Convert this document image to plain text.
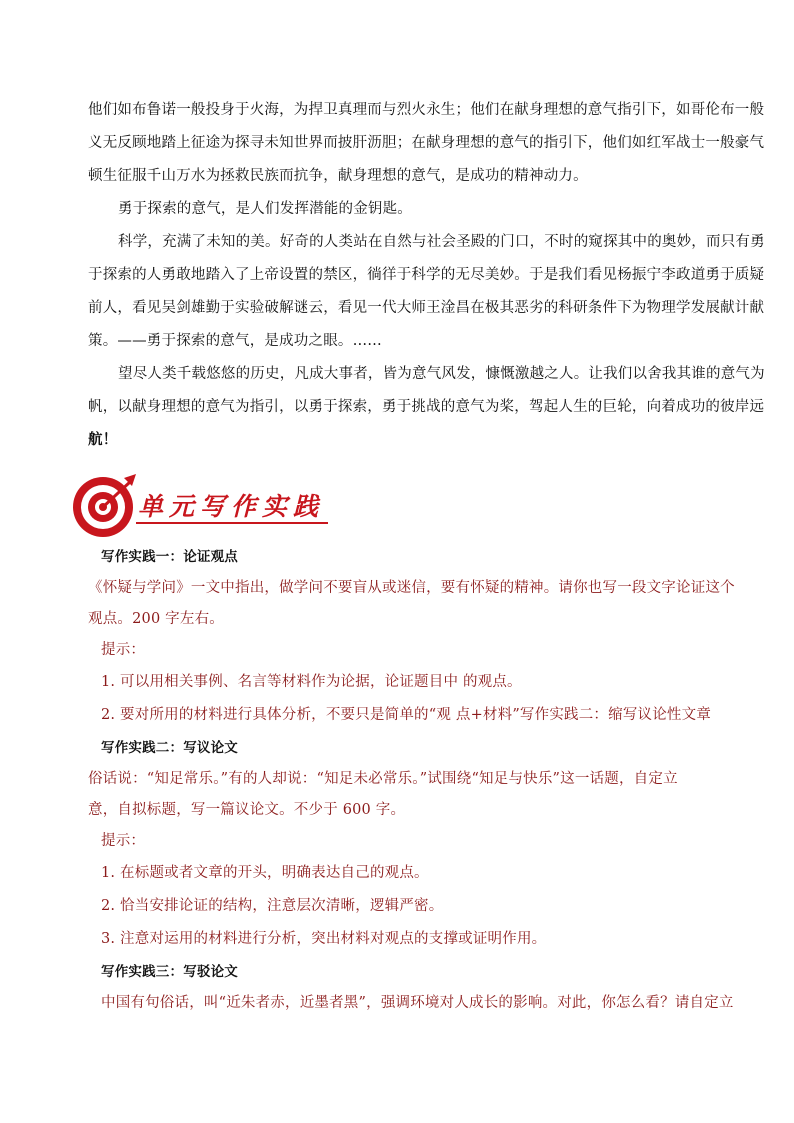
他们如布鲁诺一般投身于火海，为捍卫真理而与烈火永生；他们在献身理想的意气指引下，如哥伦布一般
义无反顾地踏上征途为探寻未知世界而披肝沥胆；在献身理想的意气的指引下，他们如红军战士一般豪气
顿生征服千山万水为拯救民族而抗争，献身理想的意气，是成功的精神动力。
勇于探索的意气，是人们发挥潜能的金钥匙。
科学，充满了未知的美。好奇的人类站在自然与社会圣殿的门口，不时的窥探其中的奥妙，而只有勇
于探索的人勇敢地踏入了上帝设置的禁区，徜徉于科学的无尽美妙。于是我们看见杨振宁李政道勇于质疑
前人，看见吴剑雄勤于实验破解谜云，看见一代大师王淦昌在极其恶劣的科研条件下为物理学发展献计献
策。——勇于探索的意气，是成功之眼。……
望尽人类千载悠悠的历史，凡成大事者，皆为意气风发，慷慨激越之人。让我们以舍我其谁的意气为
帆，以献身理想的意气为指引，以勇于探索，勇于挑战的意气为桨，驾起人生的巨轮，向着成功的彼岸远
航！
单元写作实践
写作实践一：论证观点
《怀疑与学问》一文中指出，做学问不要盲从或迷信，要有怀疑的精神。请你也写一段文字论证这个
观点。200 字左右。
提示：
1. 可以用相关事例、名言等材料作为论据，论证题目中 的观点。
2. 要对所用的材料进行具体分析，不要只是简单的“观 点+材料”写作实践二：缩写议论性文章
写作实践二：写议论文
俗话说：“知足常乐。”有的人却说：“知足未必常乐。”试围绕“知足与快乐”这一话题，自定立
意，自拟标题，写一篇议论文。不少于 600 字。
提示：
1. 在标题或者文章的开头，明确表达自己的观点。
2. 恰当安排论证的结构，注意层次清晰，逻辑严密。
3. 注意对运用的材料进行分析，突出材料对观点的支撑或证明作用。
写作实践三：写驳论文
中国有句俗话，叫“近朱者赤，近墨者黑”，强调环境对人成长的影响。对此，你怎么看？请自定立
